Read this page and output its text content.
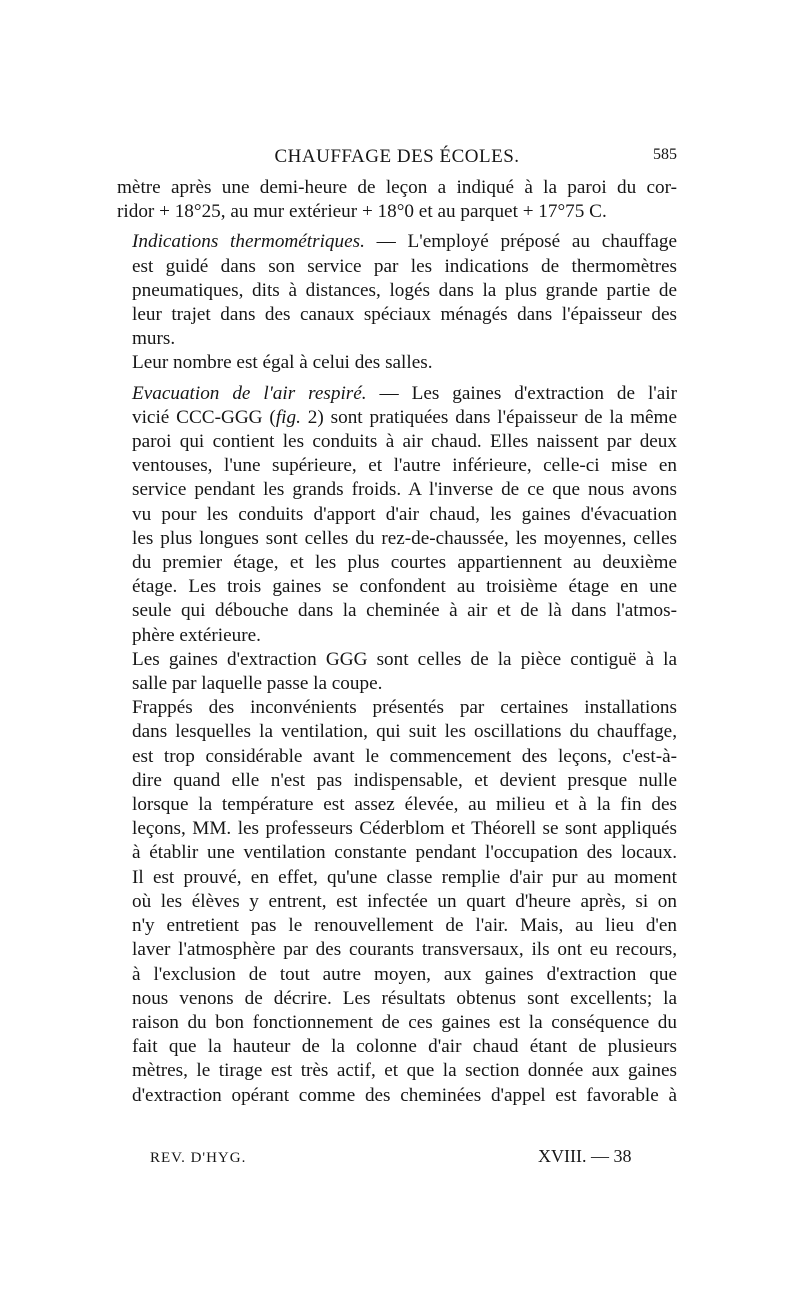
CHAUFFAGE DES ÉCOLES.	585

mètre après une demi-heure de leçon a indiqué à la paroi du cor-
ridor + 18°25, au mur extérieur + 18°0 et au parquet + 17°75 C.

Indications thermométriques. — L'employé préposé au chauffage
est guidé dans son service par les indications de thermomètres
pneumatiques, dits à distances, logés dans la plus grande partie de
leur trajet dans des canaux spéciaux ménagés dans l'épaisseur des
murs.

Leur nombre est égal à celui des salles.

Evacuation de l'air respiré. — Les gaines d'extraction de l'air
vicié CCC-GGG (fig. 2) sont pratiquées dans l'épaisseur de la même
paroi qui contient les conduits à air chaud. Elles naissent par deux
ventouses, l'une supérieure, et l'autre inférieure, celle-ci mise en
service pendant les grands froids. A l'inverse de ce que nous avons
vu pour les conduits d'apport d'air chaud, les gaines d'évacuation
les plus longues sont celles du rez-de-chaussée, les moyennes, celles
du premier étage, et les plus courtes appartiennent au deuxième
étage. Les trois gaines se confondent au troisième étage en une
seule qui débouche dans la cheminée à air et de là dans l'atmos-
phère extérieure.

Les gaines d'extraction GGG sont celles de la pièce contiguë à la
salle par laquelle passe la coupe.

Frappés des inconvénients présentés par certaines installations
dans lesquelles la ventilation, qui suit les oscillations du chauffage,
est trop considérable avant le commencement des leçons, c'est-à-
dire quand elle n'est pas indispensable, et devient presque nulle
lorsque la température est assez élevée, au milieu et à la fin des
leçons, MM. les professeurs Céderblom et Théorell se sont appliqués
à établir une ventilation constante pendant l'occupation des locaux.
Il est prouvé, en effet, qu'une classe remplie d'air pur au moment
où les élèves y entrent, est infectée un quart d'heure après, si on
n'y entretient pas le renouvellement de l'air. Mais, au lieu d'en
laver l'atmosphère par des courants transversaux, ils ont eu recours,
à l'exclusion de tout autre moyen, aux gaines d'extraction que
nous venons de décrire. Les résultats obtenus sont excellents; la
raison du bon fonctionnement de ces gaines est la conséquence du
fait que la hauteur de la colonne d'air chaud étant de plusieurs
mètres, le tirage est très actif, et que la section donnée aux gaines
d'extraction opérant comme des cheminées d'appel est favorable à

REV. D'HYG.	XVIII. — 38
